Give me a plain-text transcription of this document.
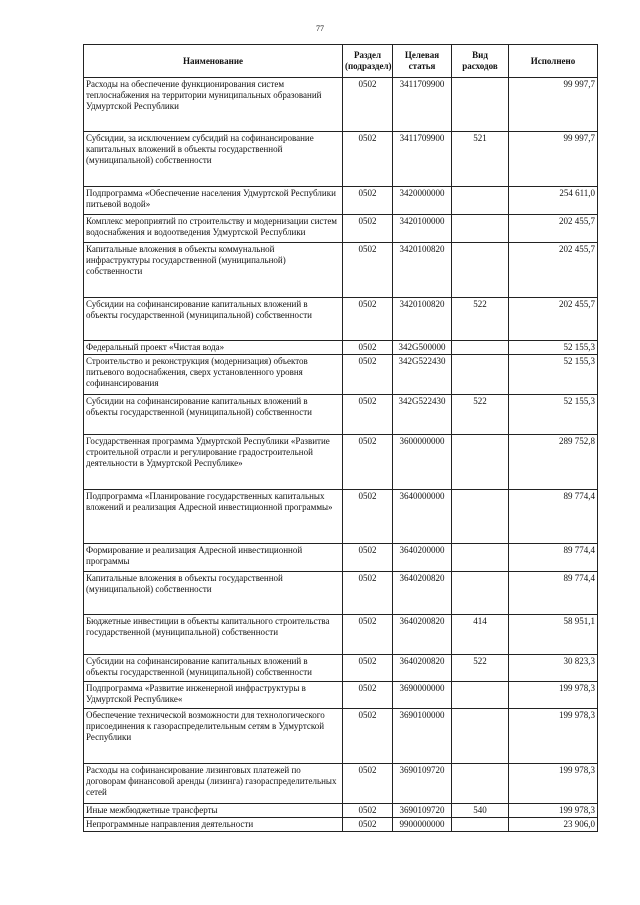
77
Наименование	Раздел (подраздел)	Целевая статья	Вид расходов	Исполнено
Расходы на обеспечение функционирования систем теплоснабжения на территории муниципальных образований Удмуртской Республики	0502	3411709900		99 997,7
Субсидии, за исключением субсидий на софинансирование капитальных вложений в объекты государственной (муниципальной) собственности	0502	3411709900	521	99 997,7
Подпрограмма «Обеспечение населения Удмуртской Республики питьевой водой»	0502	3420000000		254 611,0
Комплекс мероприятий по строительству и модернизации систем водоснабжения и водоотведения Удмуртской Республики	0502	3420100000		202 455,7
Капитальные вложения в объекты коммунальной инфраструктуры государственной (муниципальной) собственности	0502	3420100820		202 455,7
Субсидии на софинансирование капитальных вложений в объекты государственной (муниципальной) собственности	0502	3420100820	522	202 455,7
Федеральный проект «Чистая вода»	0502	342G500000		52 155,3
Строительство и реконструкция (модернизация) объектов питьевого водоснабжения, сверх установленного уровня софинансирования	0502	342G522430		52 155,3
Субсидии на софинансирование капитальных вложений в объекты государственной (муниципальной) собственности	0502	342G522430	522	52 155,3
Государственная программа Удмуртской Республики «Развитие строительной отрасли и регулирование градостроительной деятельности в Удмуртской Республике»	0502	3600000000		289 752,8
Подпрограмма «Планирование государственных капитальных вложений и реализация Адресной инвестиционной программы»	0502	3640000000		89 774,4
Формирование и реализация Адресной инвестиционной программы	0502	3640200000		89 774,4
Капитальные вложения в объекты государственной (муниципальной) собственности	0502	3640200820		89 774,4
Бюджетные инвестиции в объекты капитального строительства государственной (муниципальной) собственности	0502	3640200820	414	58 951,1
Субсидии на софинансирование капитальных вложений в объекты государственной (муниципальной) собственности	0502	3640200820	522	30 823,3
Подпрограмма «Развитие инженерной инфраструктуры в Удмуртской Республике«	0502	3690000000		199 978,3
Обеспечение технической возможности для технологического присоединения к газораспределительным сетям в Удмуртской Республики	0502	3690100000		199 978,3
Расходы на софинансирование лизинговых платежей по договорам финансовой аренды (лизинга) газораспределительных сетей	0502	3690109720		199 978,3
Иные межбюджетные трансферты	0502	3690109720	540	199 978,3
Непрограммные направления деятельности	0502	9900000000		23 906,0
